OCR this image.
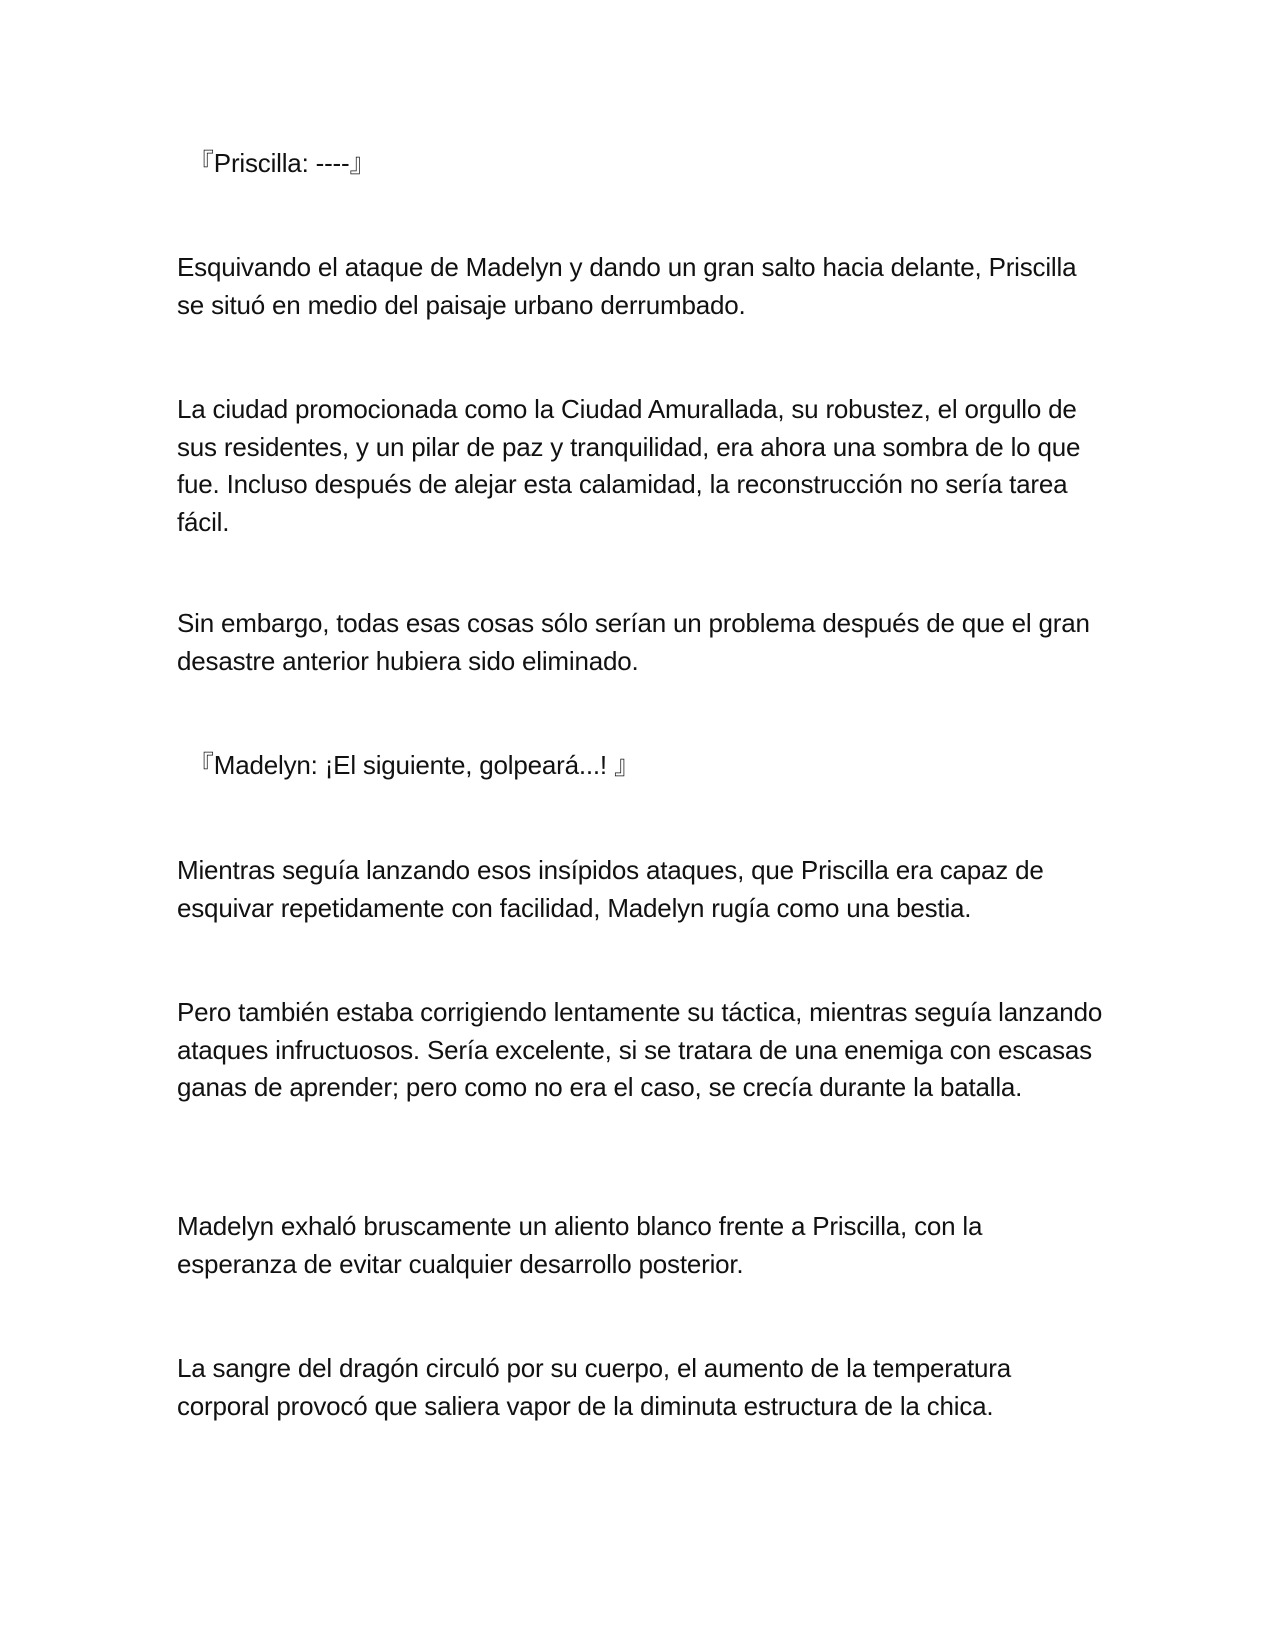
『Priscilla: ----』

Esquivando el ataque de Madelyn y dando un gran salto hacia delante, Priscilla se situó en medio del paisaje urbano derrumbado.

La ciudad promocionada como la Ciudad Amurallada, su robustez, el orgullo de sus residentes, y un pilar de paz y tranquilidad, era ahora una sombra de lo que fue. Incluso después de alejar esta calamidad, la reconstrucción no sería tarea fácil.

Sin embargo, todas esas cosas sólo serían un problema después de que el gran desastre anterior hubiera sido eliminado.

『Madelyn: ¡El siguiente, golpeará...! 』

Mientras seguía lanzando esos insípidos ataques, que Priscilla era capaz de esquivar repetidamente con facilidad, Madelyn rugía como una bestia.

Pero también estaba corrigiendo lentamente su táctica, mientras seguía lanzando ataques infructuosos. Sería excelente, si se tratara de una enemiga con escasas ganas de aprender; pero como no era el caso, se crecía durante la batalla.

Madelyn exhaló bruscamente un aliento blanco frente a Priscilla, con la esperanza de evitar cualquier desarrollo posterior.

La sangre del dragón circuló por su cuerpo, el aumento de la temperatura corporal provocó que saliera vapor de la diminuta estructura de la chica.
